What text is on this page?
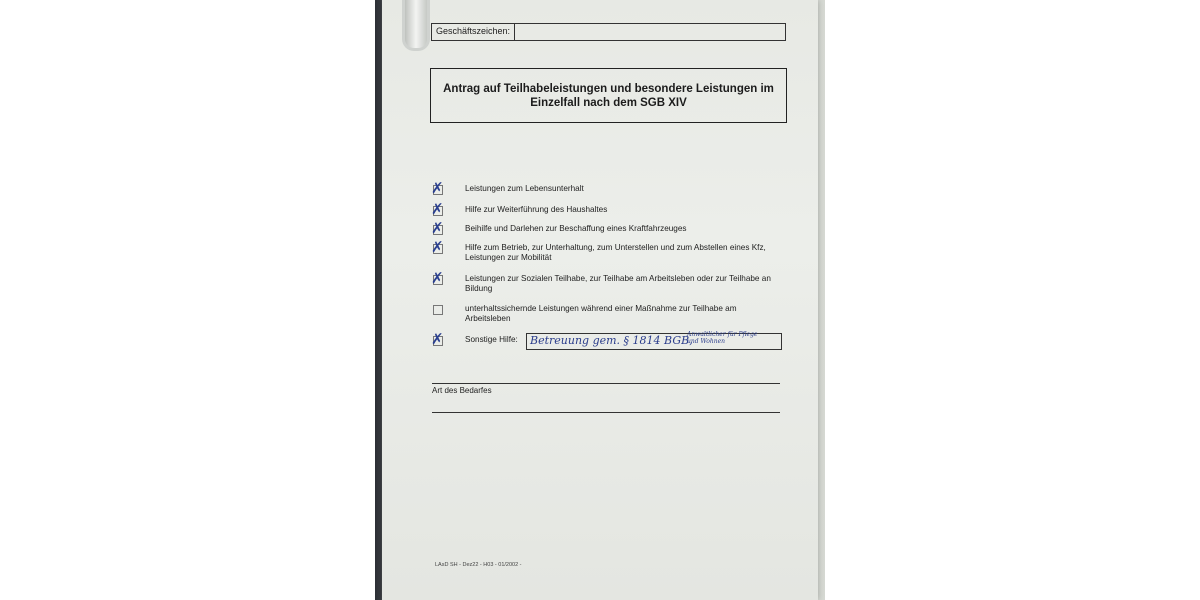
Geschäftszeichen:
Antrag auf Teilhabeleistungen und besondere Leistungen im Einzelfall nach dem SGB XIV
✗	Leistungen zum Lebensunterhalt
✗	Hilfe zur Weiterführung des Haushaltes
✗	Beihilfe und Darlehen zur Beschaffung eines Kraftfahrzeuges
✗	Hilfe zum Betrieb, zur Unterhaltung, zum Unterstellen und zum Abstellen eines Kfz, Leistungen zur Mobilität
✗	Leistungen zur Sozialen Teilhabe, zur Teilhabe am Arbeitsleben oder zur Teilhabe an Bildung
unterhaltssichernde Leistungen während einer Maßnahme zur Teilhabe am Arbeitsleben
✗	Sonstige Hilfe:	Betreuung gem. § 1814 BGB,
Anwaltlicher für Pflege
und Wohnen
Art des Bedarfes
LAsD SH - Dez22 - H03 - 01/2002 -
